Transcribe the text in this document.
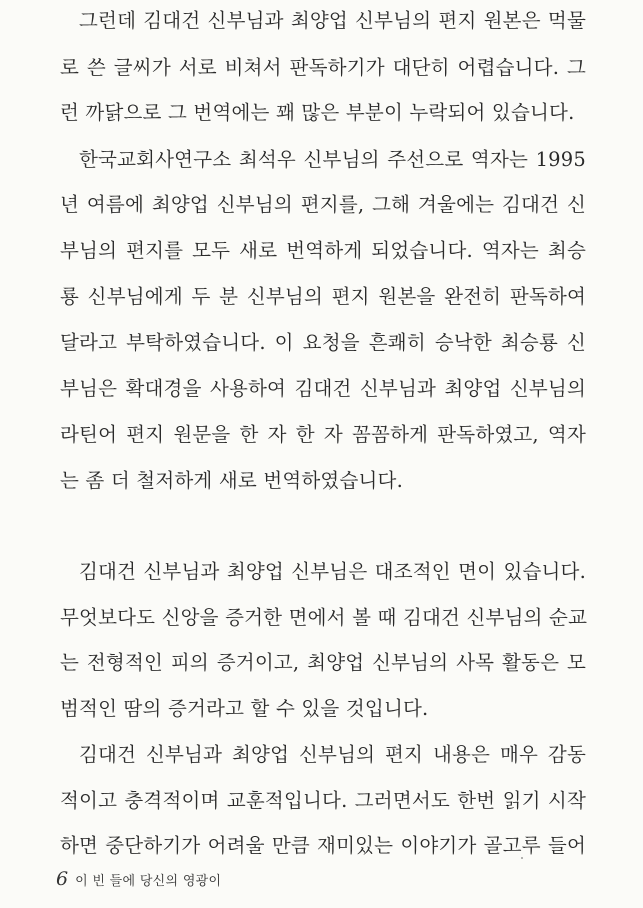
그런데 김대건 신부님과 최양업 신부님의 편지 원본은 먹물
로 쓴 글씨가 서로 비쳐서 판독하기가 대단히 어렵습니다. 그
런 까닭으로 그 번역에는 꽤 많은 부분이 누락되어 있습니다.
한국교회사연구소 최석우 신부님의 주선으로 역자는 1995
년 여름에 최양업 신부님의 편지를, 그해 겨울에는 김대건 신
부님의 편지를 모두 새로 번역하게 되었습니다. 역자는 최승
룡 신부님에게 두 분 신부님의 편지 원본을 완전히 판독하여
달라고 부탁하였습니다. 이 요청을 흔쾌히 승낙한 최승룡 신
부님은 확대경을 사용하여 김대건 신부님과 최양업 신부님의
라틴어 편지 원문을 한 자 한 자 꼼꼼하게 판독하였고, 역자
는 좀 더 철저하게 새로 번역하였습니다.
김대건 신부님과 최양업 신부님은 대조적인 면이 있습니다.
무엇보다도 신앙을 증거한 면에서 볼 때 김대건 신부님의 순교
는 전형적인 피의 증거이고, 최양업 신부님의 사목 활동은 모
범적인 땀의 증거라고 할 수 있을 것입니다.
김대건 신부님과 최양업 신부님의 편지 내용은 매우 감동
적이고 충격적이며 교훈적입니다. 그러면서도 한번 읽기 시작
하면 중단하기가 어려울 만큼 재미있는 이야기가 골고루 들어
6 이 빈 들에 당신의 영광이
